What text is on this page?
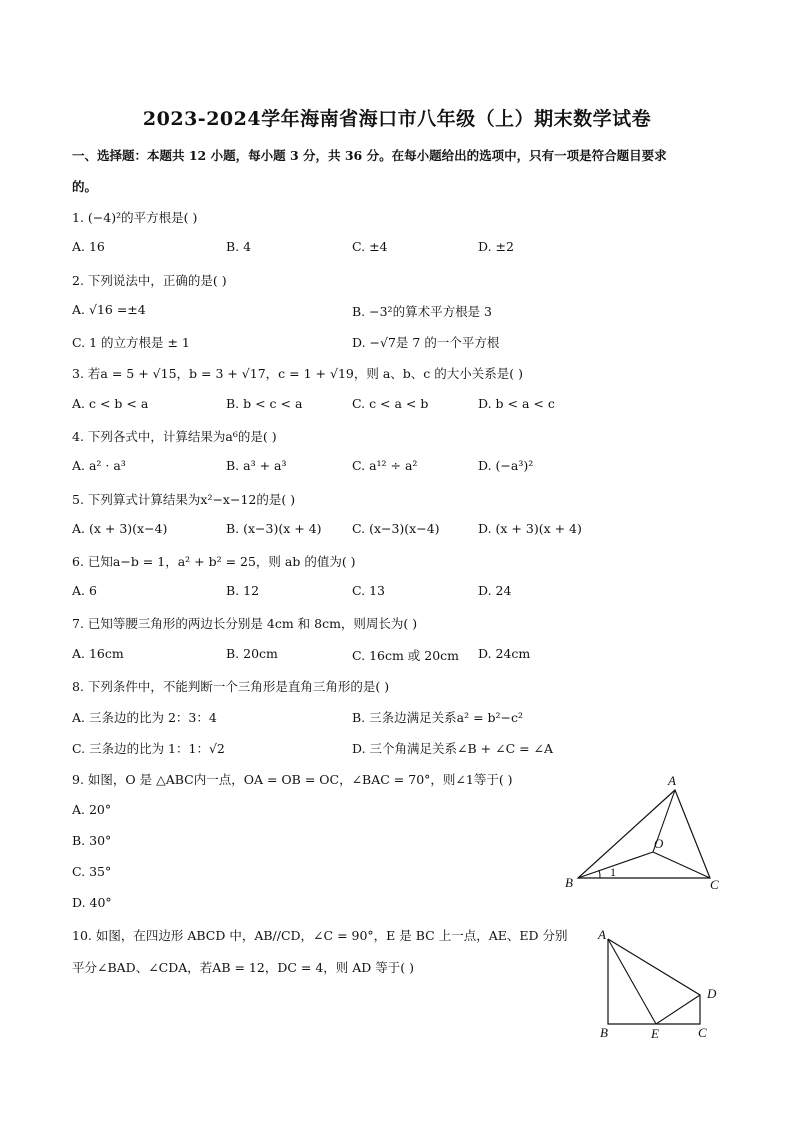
2023-2024学年海南省海口市八年级（上）期末数学试卷
一、选择题：本题共 12 小题，每小题 3 分，共 36 分。在每小题给出的选项中，只有一项是符合题目要求
的。
1. (−4)²的平方根是( )
A. 16	B. 4	C. ±4	D. ±2
2. 下列说法中，正确的是( )
A. √16 =±4	B. −3²的算术平方根是 3
C. 1 的立方根是 ± 1	D. −√7是 7 的一个平方根
3. 若a = 5 + √15，b = 3 + √17，c = 1 + √19，则 a、b、c 的大小关系是( )
A. c < b < a	B. b < c < a	C. c < a < b	D. b < a < c
4. 下列各式中，计算结果为a⁶的是( )
A. a² · a³	B. a³ + a³	C. a¹² ÷ a²	D. (−a³)²
5. 下列算式计算结果为x²−x−12的是( )
A. (x + 3)(x−4)	B. (x−3)(x + 4) C. (x−3)(x−4)	D. (x + 3)(x + 4)
6. 已知a−b = 1，a² + b² = 25，则 ab 的值为( )
A. 6	B. 12	C. 13	D. 24
7. 已知等腰三角形的两边长分别是 4cm 和 8cm，则周长为( )
A. 16cm	B. 20cm	C. 16cm 或 20cm D. 24cm
8. 下列条件中，不能判断一个三角形是直角三角形的是( )
A. 三条边的比为 2：3：4	B. 三条边满足关系a² = b²−c²
C. 三条边的比为 1：1：√2	D. 三个角满足关系∠B + ∠C = ∠A
9. 如图，O 是 △ABC内一点，OA = OB = OC，∠BAC = 70°，则∠1等于( )
A. 20°
B. 30°
C. 35°
D. 40°
A
B	C
O
1
10. 如图，在四边形 ABCD 中，AB//CD，∠C = 90°，E 是 BC 上一点，AE、ED 分别
平分∠BAD、∠CDA，若AB = 12，DC = 4，则 AD 等于( )
A
B	C
D
E
